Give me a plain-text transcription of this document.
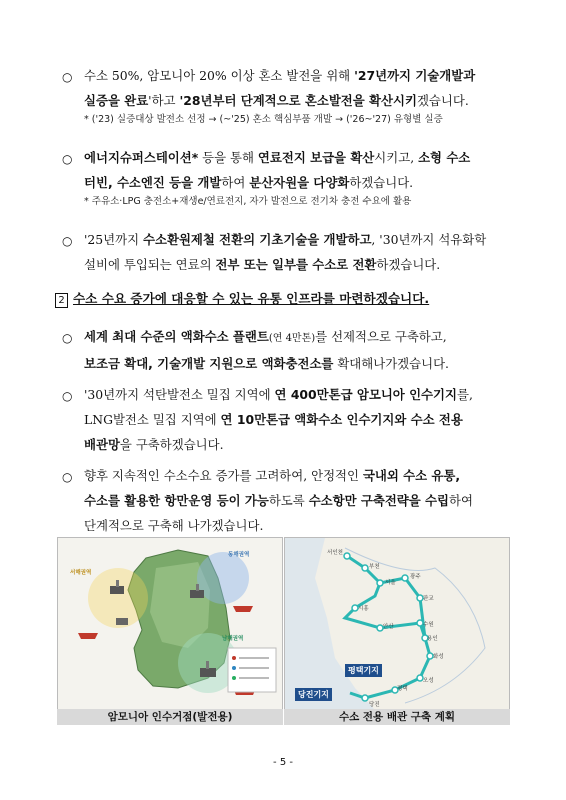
○ 수소 50%, 암모니아 20% 이상 혼소 발전을 위해 '27년까지 기술개발과
실증을 완료'하고 '28년부터 단계적으로 혼소발전을 확산시키겠습니다.
* ('23) 실증대상 발전소 선정 → (~'25) 혼소 핵심부품 개발 → ('26~'27) 유형별 실증
○ 에너지슈퍼스테이션* 등을 통해 연료전지 보급을 확산시키고, 소형 수소
터빈, 수소엔진 등을 개발하여 분산자원을 다양화하겠습니다.
* 주유소·LPG 충전소+재생e/연료전지, 자가 발전으로 전기차 충전 수요에 활용
○ '25년까지 수소환원제철 전환의 기초기술을 개발하고, '30년까지 석유화학
설비에 투입되는 연료의 전부 또는 일부를 수소로 전환하겠습니다.
2 수소 수요 증가에 대응할 수 있는 유통 인프라를 마련하겠습니다.
○ 세계 최대 수준의 액화수소 플랜트(연 4만톤)를 선제적으로 구축하고,
보조금 확대, 기술개발 지원으로 액화충전소를 확대해나가겠습니다.
○ '30년까지 석탄발전소 밀집 지역에 연 400만톤급 암모니아 인수기지를,
LNG발전소 밀집 지역에 연 10만톤급 액화수소 인수기지와 수소 전용
배관망을 구축하겠습니다.
○ 향후 지속적인 수소수요 증가를 고려하여, 안정적인 국내외 수소 유통,
수소를 활용한 항만운영 등이 가능하도록 수소항만 구축전략을 수립하여
단계적으로 구축해 나가겠습니다.
서해권역
동해권역
남해권역
암모니아 인수거점(발전용)
서인천
부천
서울
광주
용인
평택
당진
오성
수원
화성
안산
시흥
판교
평택기지
당진기지
수소 전용 배관 구축 계획
- 5 -
